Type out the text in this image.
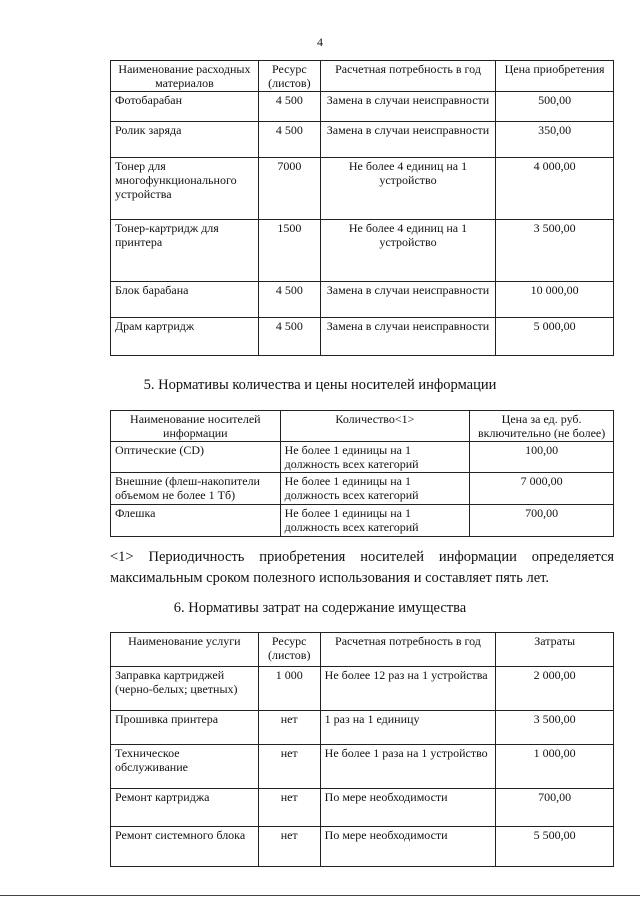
4
Наименование расходных материалов	Ресурс (листов)	Расчетная потребность в год	Цена приобретения
Фотобарабан	4 500	Замена в случаи неисправности	500,00
Ролик заряда	4 500	Замена в случаи неисправности	350,00
Тонер для многофункционального устройства	7000	Не более 4 единиц на 1 устройство	4 000,00
Тонер-картридж для принтера	1500	Не более 4 единиц на 1 устройство	3 500,00
Блок барабана	4 500	Замена в случаи неисправности	10 000,00
Драм картридж	4 500	Замена в случаи неисправности	5 000,00
5. Нормативы количества и цены носителей информации
Наименование носителей информации	Количество<1>	Цена за ед. руб. включительно (не более)
Оптические (CD)	Не более 1 единицы на 1 должность всех категорий	100,00
Внешние (флеш-накопители объемом не более 1 Тб)	Не более 1 единицы на 1 должность всех категорий	7 000,00
Флешка	Не более 1 единицы на 1 должность всех категорий	700,00
<1> Периодичность приобретения носителей информации определяется максимальным сроком полезного использования и составляет пять лет.
6. Нормативы затрат на содержание имущества
Наименование услуги	Ресурс (листов)	Расчетная потребность в год	Затраты
Заправка картриджей (черно-белых; цветных)	1 000	Не более 12 раз на 1 устройства	2 000,00
Прошивка принтера	нет	1 раз на 1 единицу	3 500,00
Техническое обслуживание	нет	Не более 1 раза на 1 устройство	1 000,00
Ремонт картриджа	нет	По мере необходимости	700,00
Ремонт системного блока	нет	По мере необходимости	5 500,00
